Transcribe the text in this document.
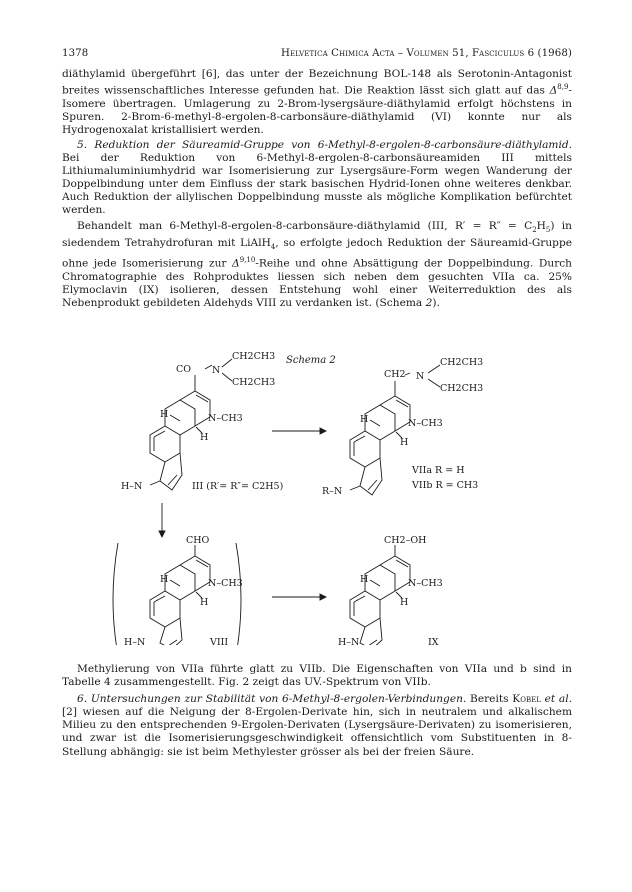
1378	Helvetica Chimica Acta – Volumen 51, Fasciculus 6 (1968)

diäthylamid übergeführt [6], das unter der Bezeichnung BOL-148 als Serotonin-Antagonist breites wissenschaftliches Interesse gefunden hat. Die Reaktion lässt sich glatt auf das Δ$^{8,9}$-Isomere übertragen. Umlagerung zu 2-Brom-lysergsäure-diäthylamid erfolgt höchstens in Spuren. 2-Brom-6-methyl-8-ergolen-8-carbonsäure-diäthylamid (VI) konnte nur als Hydrogenoxalat kristallisiert werden.

5. Reduktion der Säureamid-Gruppe von 6-Methyl-8-ergolen-8-carbonsäure-diäthylamid. Bei der Reduktion von 6-Methyl-8-ergolen-8-carbonsäureamiden III mittels Lithiumaluminiumhydrid war Isomerisierung zur Lysergsäure-Form wegen Wanderung der Doppelbindung unter dem Einfluss der stark basischen Hydrid-Ionen ohne weiteres denkbar. Auch Reduktion der allylischen Doppelbindung musste als mögliche Komplikation befürchtet werden.

Behandelt man 6-Methyl-8-ergolen-8-carbonsäure-diäthylamid (III, $R' = R'' = C_2H_5$) in siedendem Tetrahydrofuran mit LiAlH$_4$, so erfolgte jedoch Reduktion der Säureamid-Gruppe ohne jede Isomerisierung zur Δ$^{9,10}$-Reihe und ohne Absättigung der Doppelbindung. Durch Chromatographie des Rohproduktes liessen sich neben dem gesuchten VIIa ca. 25% Elymoclavin (IX) isolieren, dessen Entstehung wohl einer Weiterreduktion des als Nebenprodukt gebildeten Aldehyds VIII zu verdanken ist. (Schema 2).

Schema 2
CO N
CH2CH3
CH2CH3
H	N–CH3
H
H–N	III (R′= R″= C2H5)
CH2 N
CH2CH3
CH2CH3
H	N–CH3
H
R–N
VIIa R = H
VIIb R = CH3
CHO
H	N–CH3
H
H–N	VIII
CH2–OH
H	N–CH3
H
H–N	IX

Methylierung von VIIa führte glatt zu VIIb. Die Eigenschaften von VIIa und b sind in Tabelle 4 zusammengestellt. Fig. 2 zeigt das UV.-Spektrum von VIIb.

6. Untersuchungen zur Stabilität von 6-Methyl-8-ergolen-Verbindungen. Bereits Kobel et al. [2] wiesen auf die Neigung der 8-Ergolen-Derivate hin, sich in neutralem und alkalischem Milieu zu den entsprechenden 9-Ergolen-Derivaten (Lysergsäure-Derivaten) zu isomerisieren, und zwar ist die Isomerisierungsgeschwindigkeit offensichtlich vom Substituenten in 8-Stellung abhängig: sie ist beim Methylester grösser als bei der freien Säure.
